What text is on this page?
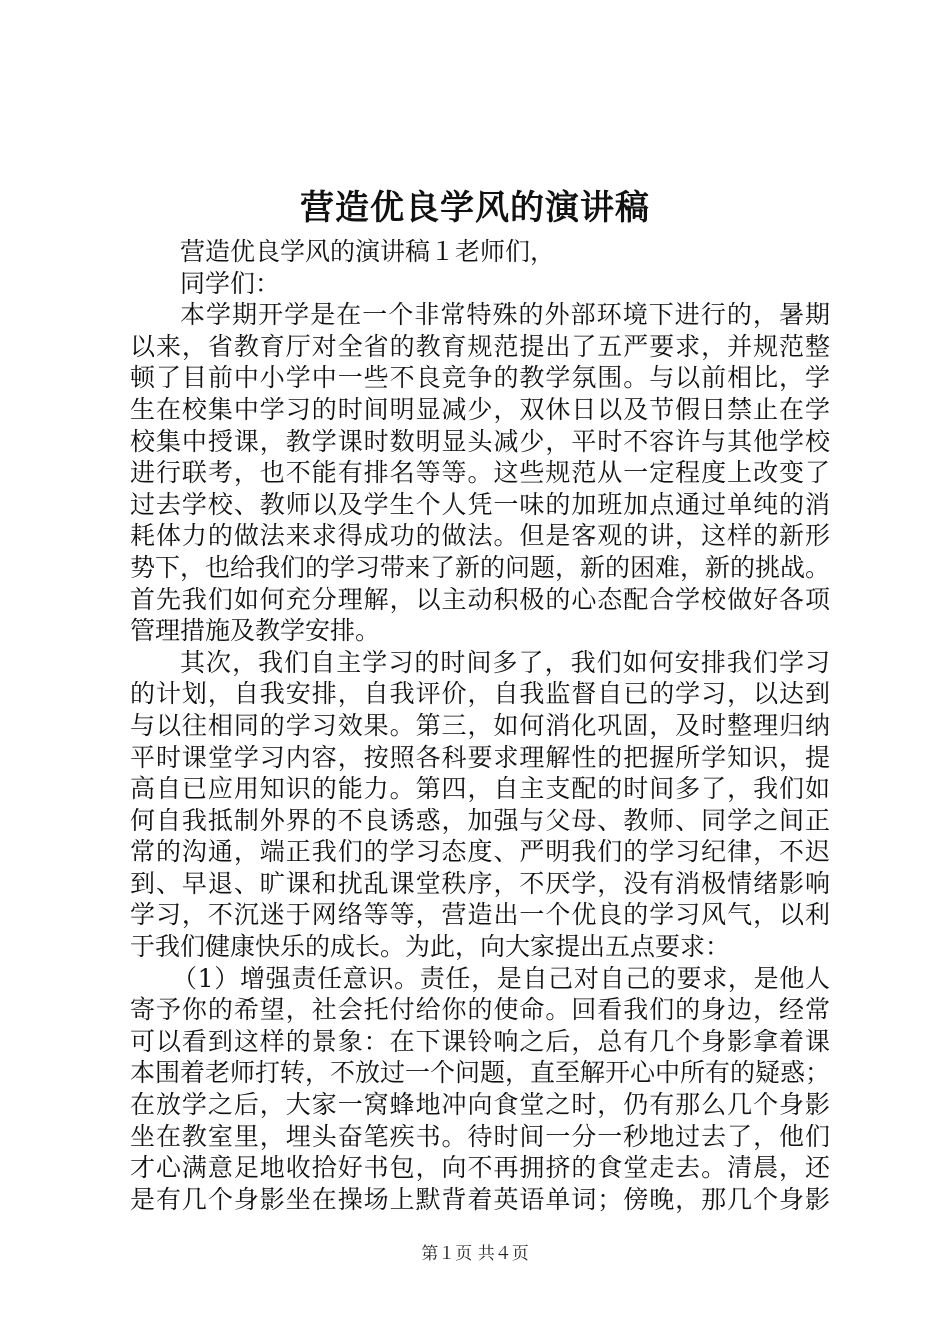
营造优良学风的演讲稿
营造优良学风的演讲稿１老师们，
同学们：
本学期开学是在一个非常特殊的外部环境下进行的，暑期
以来，省教育厅对全省的教育规范提出了五严要求，并规范整
顿了目前中小学中一些不良竞争的教学氛围。与以前相比，学
生在校集中学习的时间明显减少，双休日以及节假日禁止在学
校集中授课，教学课时数明显头减少，平时不容许与其他学校
进行联考，也不能有排名等等。这些规范从一定程度上改变了
过去学校、教师以及学生个人凭一味的加班加点通过单纯的消
耗体力的做法来求得成功的做法。但是客观的讲，这样的新形
势下，也给我们的学习带来了新的问题，新的困难，新的挑战。
首先我们如何充分理解，以主动积极的心态配合学校做好各项
管理措施及教学安排。
其次，我们自主学习的时间多了，我们如何安排我们学习
的计划，自我安排，自我评价，自我监督自已的学习，以达到
与以往相同的学习效果。第三，如何消化巩固，及时整理归纳
平时课堂学习内容，按照各科要求理解性的把握所学知识，提
高自已应用知识的能力。第四，自主支配的时间多了，我们如
何自我抵制外界的不良诱惑，加强与父母、教师、同学之间正
常的沟通，端正我们的学习态度、严明我们的学习纪律，不迟
到、早退、旷课和扰乱课堂秩序，不厌学，没有消极情绪影响
学习，不沉迷于网络等等，营造出一个优良的学习风气，以利
于我们健康快乐的成长。为此，向大家提出五点要求：
（1）增强责任意识。责任，是自己对自己的要求，是他人
寄予你的希望，社会托付给你的使命。回看我们的身边，经常
可以看到这样的景象：在下课铃响之后，总有几个身影拿着课
本围着老师打转，不放过一个问题，直至解开心中所有的疑惑；
在放学之后，大家一窝蜂地冲向食堂之时，仍有那么几个身影
坐在教室里，埋头奋笔疾书。待时间一分一秒地过去了，他们
才心满意足地收拾好书包，向不再拥挤的食堂走去。清晨，还
是有几个身影坐在操场上默背着英语单词；傍晚，那几个身影
第１页 共４页
